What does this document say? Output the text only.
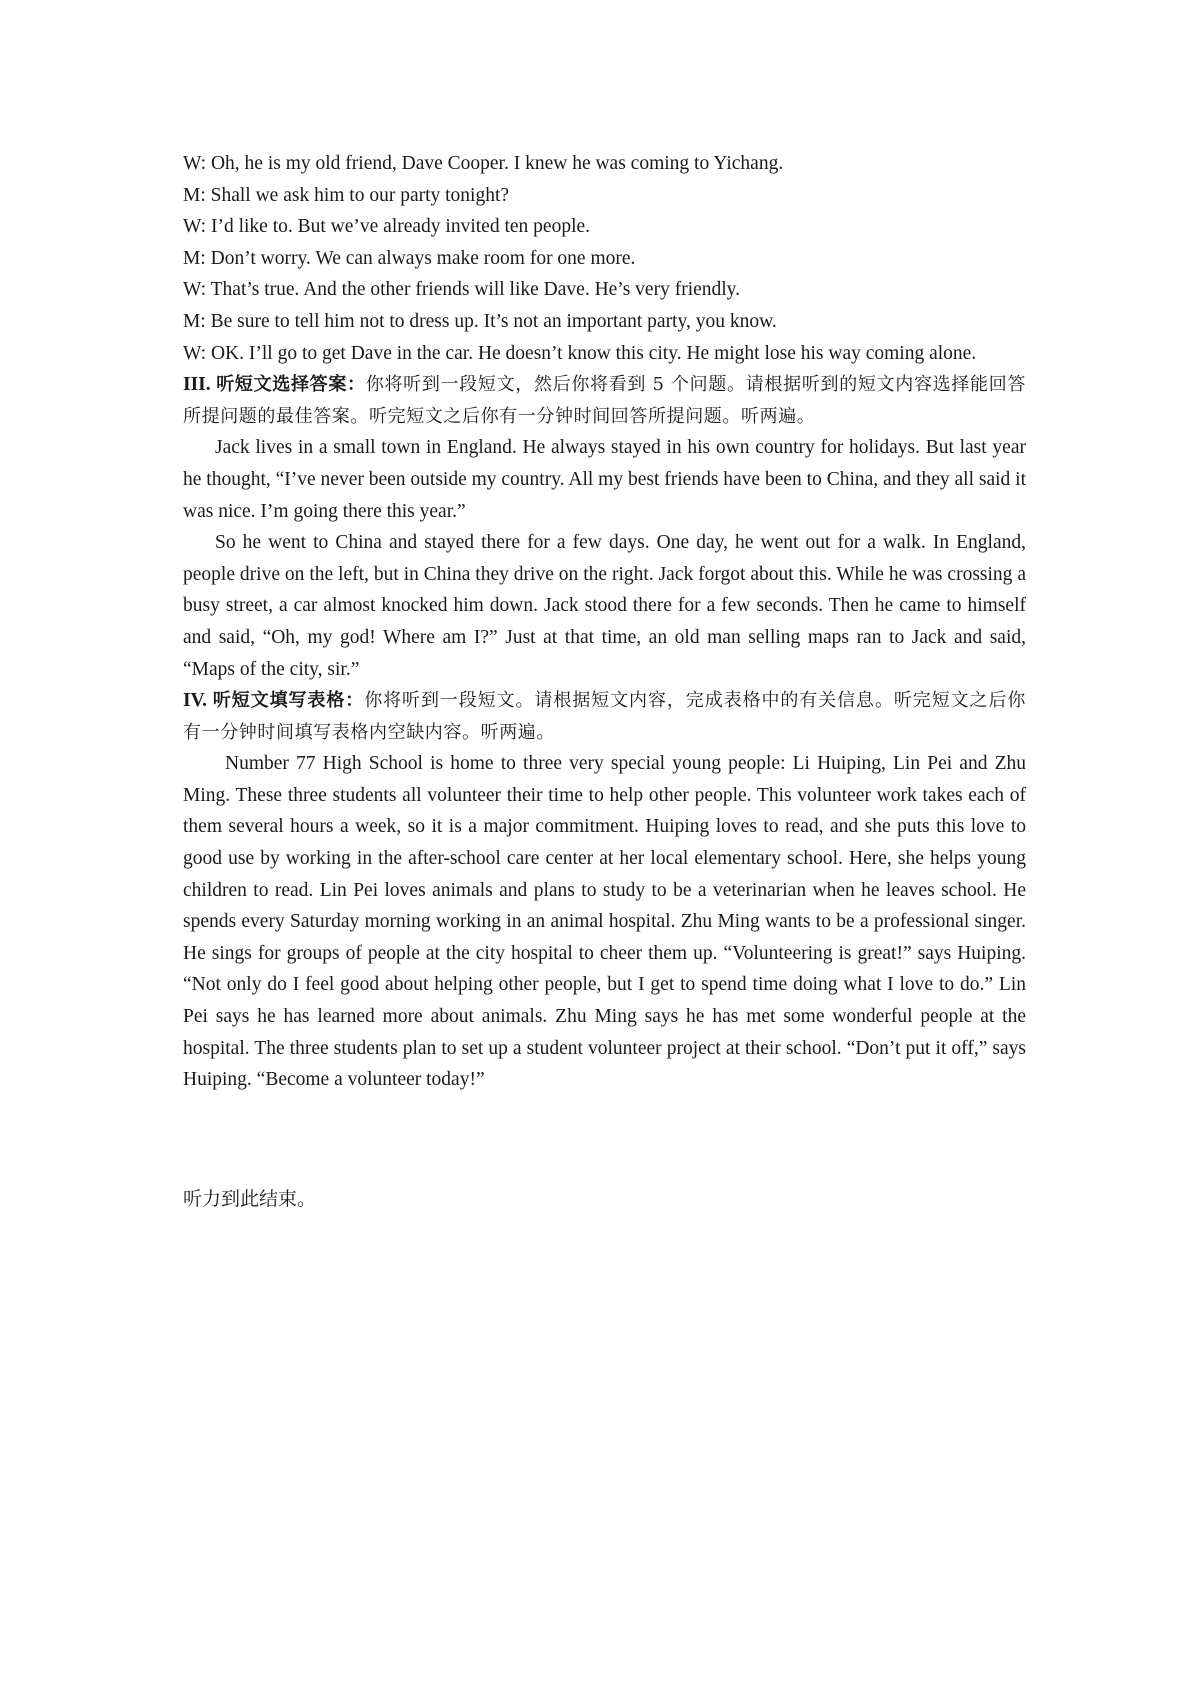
W: Oh, he is my old friend, Dave Cooper. I knew he was coming to Yichang.

M: Shall we ask him to our party tonight?

W: I’d like to. But we’ve already invited ten people.

M: Don’t worry. We can always make room for one more.

W: That’s true. And the other friends will like Dave. He’s very friendly.

M: Be sure to tell him not to dress up. It’s not an important party, you know.

W: OK. I’ll go to get Dave in the car. He doesn’t know this city. He might lose his way coming alone.

III. 听短文选择答案：你将听到一段短文，然后你将看到 5 个问题。请根据听到的短文内容选择能回答所提问题的最佳答案。听完短文之后你有一分钟时间回答所提问题。听两遍。

Jack lives in a small town in England. He always stayed in his own country for holidays. But last year he thought, “I’ve never been outside my country. All my best friends have been to China, and they all said it was nice. I’m going there this year.”

So he went to China and stayed there for a few days. One day, he went out for a walk. In England, people drive on the left, but in China they drive on the right. Jack forgot about this. While he was crossing a busy street, a car almost knocked him down. Jack stood there for a few seconds. Then he came to himself and said, “Oh, my god! Where am I?” Just at that time, an old man selling maps ran to Jack and said, “Maps of the city, sir.”

IV. 听短文填写表格：你将听到一段短文。请根据短文内容，完成表格中的有关信息。听完短文之后你有一分钟时间填写表格内空缺内容。听两遍。

Number 77 High School is home to three very special young people: Li Huiping, Lin Pei and Zhu Ming. These three students all volunteer their time to help other people. This volunteer work takes each of them several hours a week, so it is a major commitment. Huiping loves to read, and she puts this love to good use by working in the after-school care center at her local elementary school. Here, she helps young children to read. Lin Pei loves animals and plans to study to be a veterinarian when he leaves school. He spends every Saturday morning working in an animal hospital. Zhu Ming wants to be a professional singer. He sings for groups of people at the city hospital to cheer them up. “Volunteering is great!” says Huiping. “Not only do I feel good about helping other people, but I get to spend time doing what I love to do.” Lin Pei says he has learned more about animals. Zhu Ming says he has met some wonderful people at the hospital. The three students plan to set up a student volunteer project at their school. “Don’t put it off,” says Huiping. “Become a volunteer today!”

听力到此结束。
